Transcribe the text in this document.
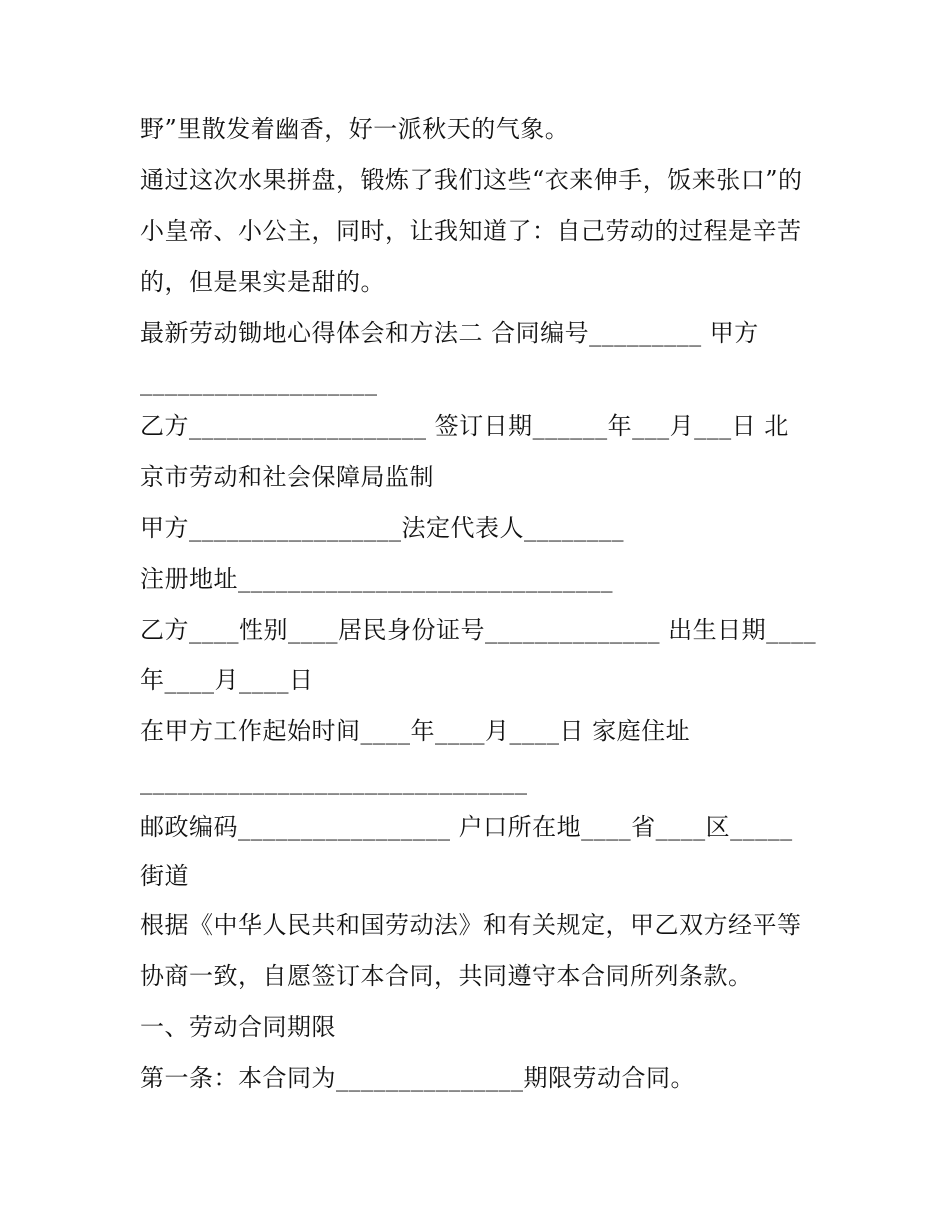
野”里散发着幽香，好一派秋天的气象。
通过这次水果拼盘，锻炼了我们这些“衣来伸手，饭来张口”的
小皇帝、小公主，同时，让我知道了：自己劳动的过程是辛苦
的，但是果实是甜的。
最新劳动锄地心得体会和方法二 合同编号_________ 甲方
___________________
乙方___________________ 签订日期______年___月___日 北
京市劳动和社会保障局监制
甲方_________________法定代表人________
注册地址______________________________
乙方____性别____居民身份证号______________ 出生日期____
年____月____日
在甲方工作起始时间____年____月____日 家庭住址
_______________________________
邮政编码_________________ 户口所在地____省____区_____
街道
根据《中华人民共和国劳动法》和有关规定，甲乙双方经平等
协商一致，自愿签订本合同，共同遵守本合同所列条款。
一、劳动合同期限
第一条：本合同为_______________期限劳动合同。
